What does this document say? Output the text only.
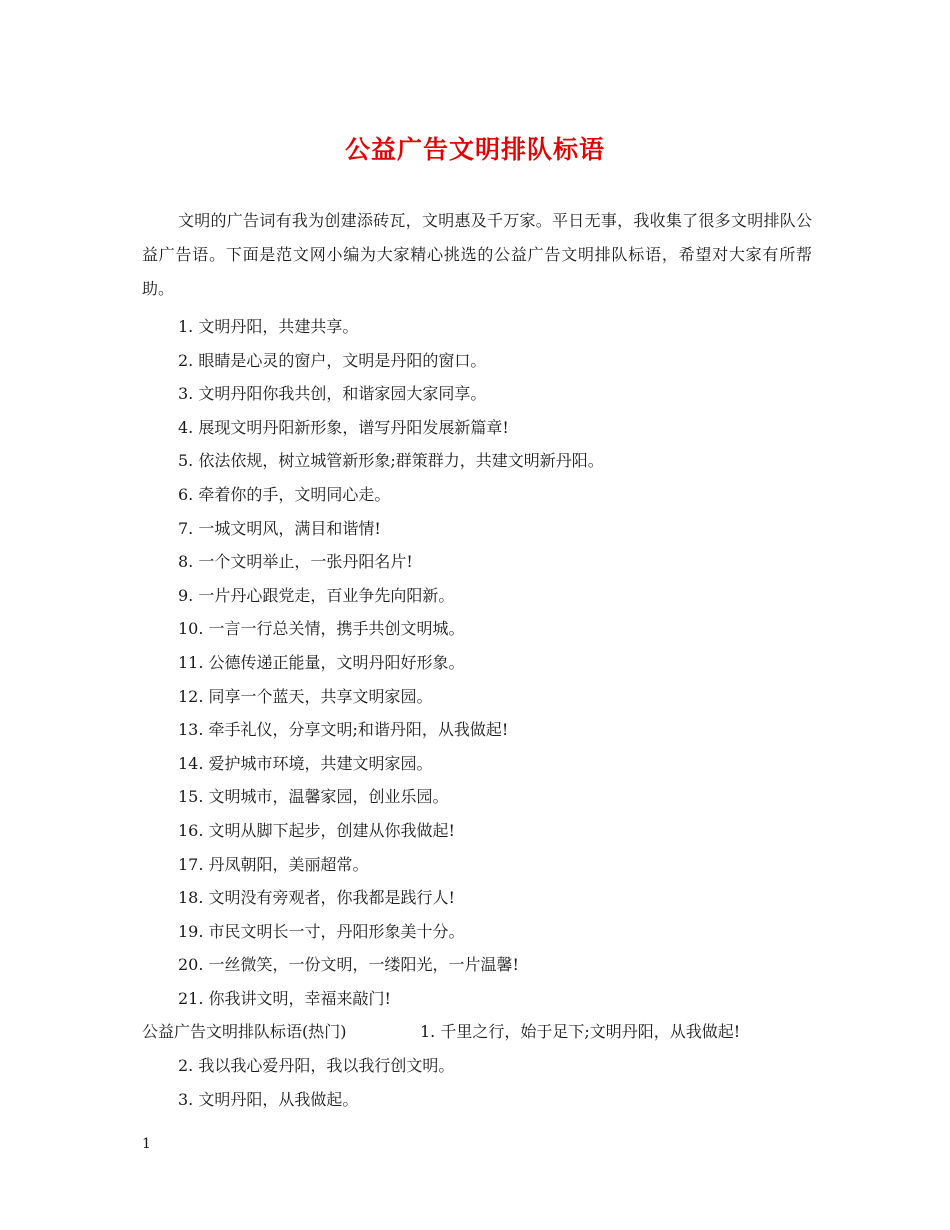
公益广告文明排队标语

文明的广告词有我为创建添砖瓦，文明惠及千万家。平日无事，我收集了很多文明排队公益广告语。下面是范文网小编为大家精心挑选的公益广告文明排队标语，希望对大家有所帮助。

1. 文明丹阳，共建共享。
2. 眼睛是心灵的窗户，文明是丹阳的窗口。
3. 文明丹阳你我共创，和谐家园大家同享。
4. 展现文明丹阳新形象，谱写丹阳发展新篇章!
5. 依法依规，树立城管新形象;群策群力，共建文明新丹阳。
6. 牵着你的手，文明同心走。
7. 一城文明风，满目和谐情!
8. 一个文明举止，一张丹阳名片!
9. 一片丹心跟党走，百业争先向阳新。
10. 一言一行总关情，携手共创文明城。
11. 公德传递正能量，文明丹阳好形象。
12. 同享一个蓝天，共享文明家园。
13. 牵手礼仪，分享文明;和谐丹阳，从我做起!
14. 爱护城市环境，共建文明家园。
15. 文明城市，温馨家园，创业乐园。
16. 文明从脚下起步，创建从你我做起!
17. 丹凤朝阳，美丽超常。
18. 文明没有旁观者，你我都是践行人!
19. 市民文明长一寸，丹阳形象美十分。
20. 一丝微笑，一份文明，一缕阳光，一片温馨!
21. 你我讲文明，幸福来敲门!
公益广告文明排队标语(热门)	1. 千里之行，始于足下;文明丹阳，从我做起!
2. 我以我心爱丹阳，我以我行创文明。
3. 文明丹阳，从我做起。
1
